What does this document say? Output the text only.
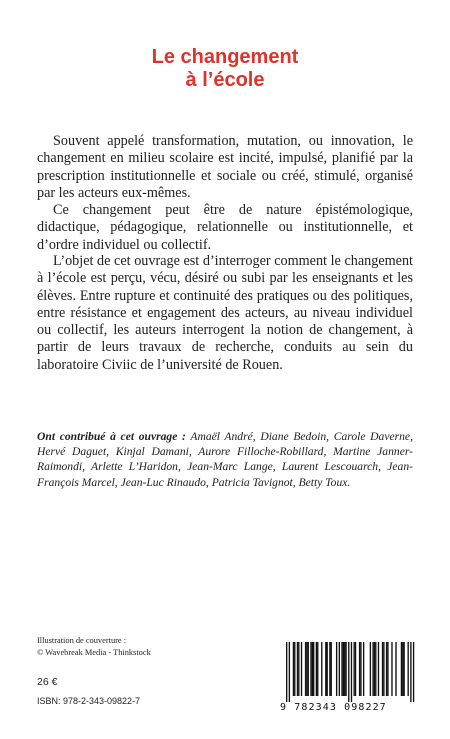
Le changement
à l’école

Souvent appelé transformation, mutation, ou innovation, le changement en milieu scolaire est incité, impulsé, planifié par la prescription institutionnelle et sociale ou créé, stimulé, organisé par les acteurs eux-mêmes.

Ce changement peut être de nature épistémologique, didactique, pédagogique, relationnelle ou institutionnelle, et d’ordre individuel ou collectif.

L’objet de cet ouvrage est d’interroger comment le changement à l’école est perçu, vécu, désiré ou subi par les enseignants et les élèves. Entre rupture et continuité des pratiques ou des politiques, entre résistance et engagement des acteurs, au niveau individuel ou collectif, les auteurs interrogent la notion de changement, à partir de leurs travaux de recherche, conduits au sein du laboratoire Civiic de l’université de Rouen.

Ont contribué à cet ouvrage : Amaël André, Diane Bedoin, Carole Daverne, Hervé Daguet, Kinjal Damani, Aurore Filloche-Robillard, Martine Janner-Raimondi, Arlette L’Haridon, Jean-Marc Lange, Laurent Lescouarch, Jean-François Marcel, Jean-Luc Rinaudo, Patricia Tavignot, Betty Toux.
Illustration de couverture :
© Wavebreak Media - Thinkstock
26 €
ISBN: 978-2-343-09822-7
9 782343 098227
